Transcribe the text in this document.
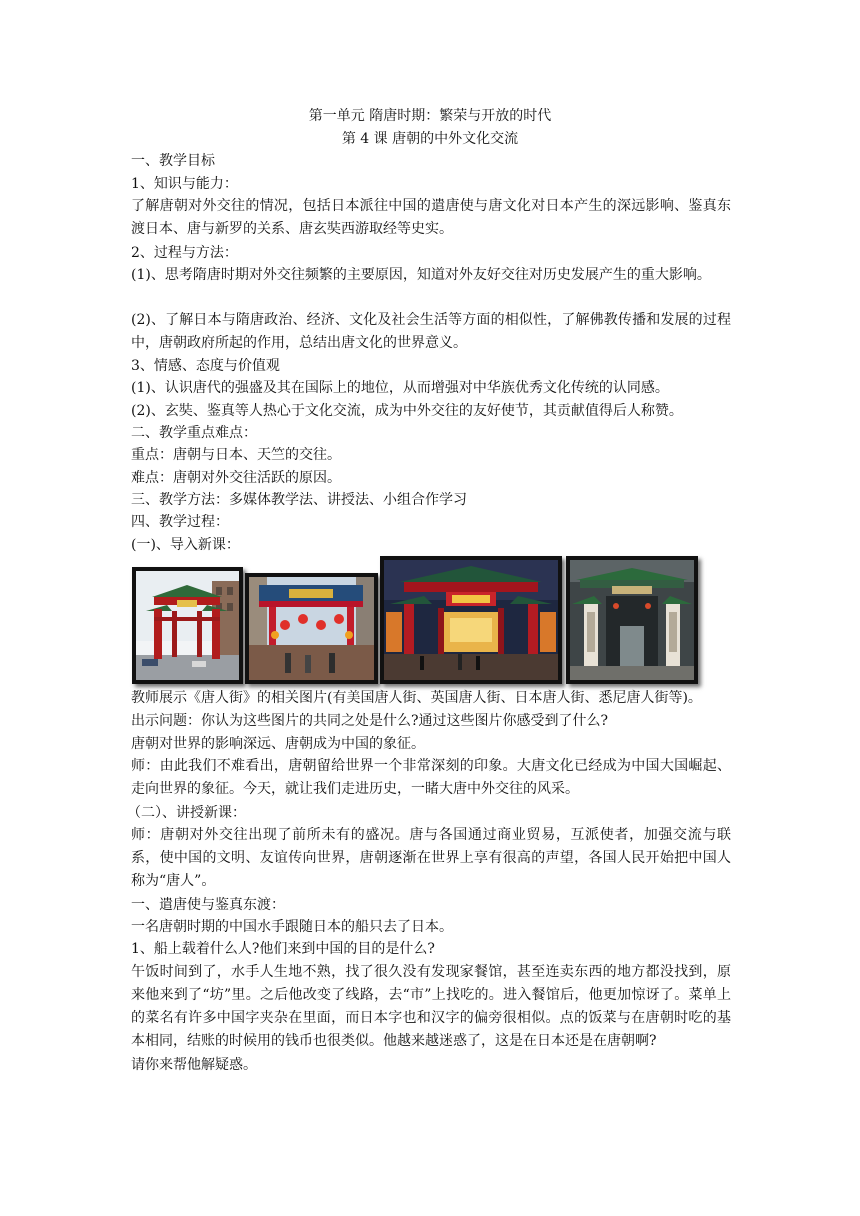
第一单元 隋唐时期：繁荣与开放的时代
第 4 课 唐朝的中外文化交流
一、教学目标
1、知识与能力：
了解唐朝对外交往的情况，包括日本派往中国的遣唐使与唐文化对日本产生的深远影响、鉴真东渡日本、唐与新罗的关系、唐玄奘西游取经等史实。
2、过程与方法：
(1)、思考隋唐时期对外交往频繁的主要原因，知道对外友好交往对历史发展产生的重大影响。
(2)、了解日本与隋唐政治、经济、文化及社会生活等方面的相似性，了解佛教传播和发展的过程中，唐朝政府所起的作用，总结出唐文化的世界意义。
3、情感、态度与价值观
(1)、认识唐代的强盛及其在国际上的地位，从而增强对中华族优秀文化传统的认同感。
(2)、玄奘、鉴真等人热心于文化交流，成为中外交往的友好使节，其贡献值得后人称赞。
二、教学重点难点：
重点：唐朝与日本、天竺的交往。
难点：唐朝对外交往活跃的原因。
三、教学方法：多媒体教学法、讲授法、小组合作学习
四、教学过程：
(一)、导入新课：
教师展示《唐人街》的相关图片(有美国唐人街、英国唐人街、日本唐人街、悉尼唐人街等)。
出示问题：你认为这些图片的共同之处是什么?通过这些图片你感受到了什么?
唐朝对世界的影响深远、唐朝成为中国的象征。
师：由此我们不难看出，唐朝留给世界一个非常深刻的印象。大唐文化已经成为中国大国崛起、走向世界的象征。今天，就让我们走进历史，一睹大唐中外交往的风采。
（二）、讲授新课：
师：唐朝对外交往出现了前所未有的盛况。唐与各国通过商业贸易，互派使者，加强交流与联系，使中国的文明、友谊传向世界，唐朝逐渐在世界上享有很高的声望，各国人民开始把中国人称为“唐人”。
一、遣唐使与鉴真东渡：
一名唐朝时期的中国水手跟随日本的船只去了日本。
1、船上载着什么人?他们来到中国的目的是什么?
午饭时间到了，水手人生地不熟，找了很久没有发现家餐馆，甚至连卖东西的地方都没找到，原来他来到了“坊”里。之后他改变了线路，去“市”上找吃的。进入餐馆后，他更加惊讶了。菜单上的菜名有许多中国字夹杂在里面，而日本字也和汉字的偏旁很相似。点的饭菜与在唐朝时吃的基本相同，结账的时候用的钱币也很类似。他越来越迷惑了，这是在日本还是在唐朝啊?
请你来帮他解疑惑。
